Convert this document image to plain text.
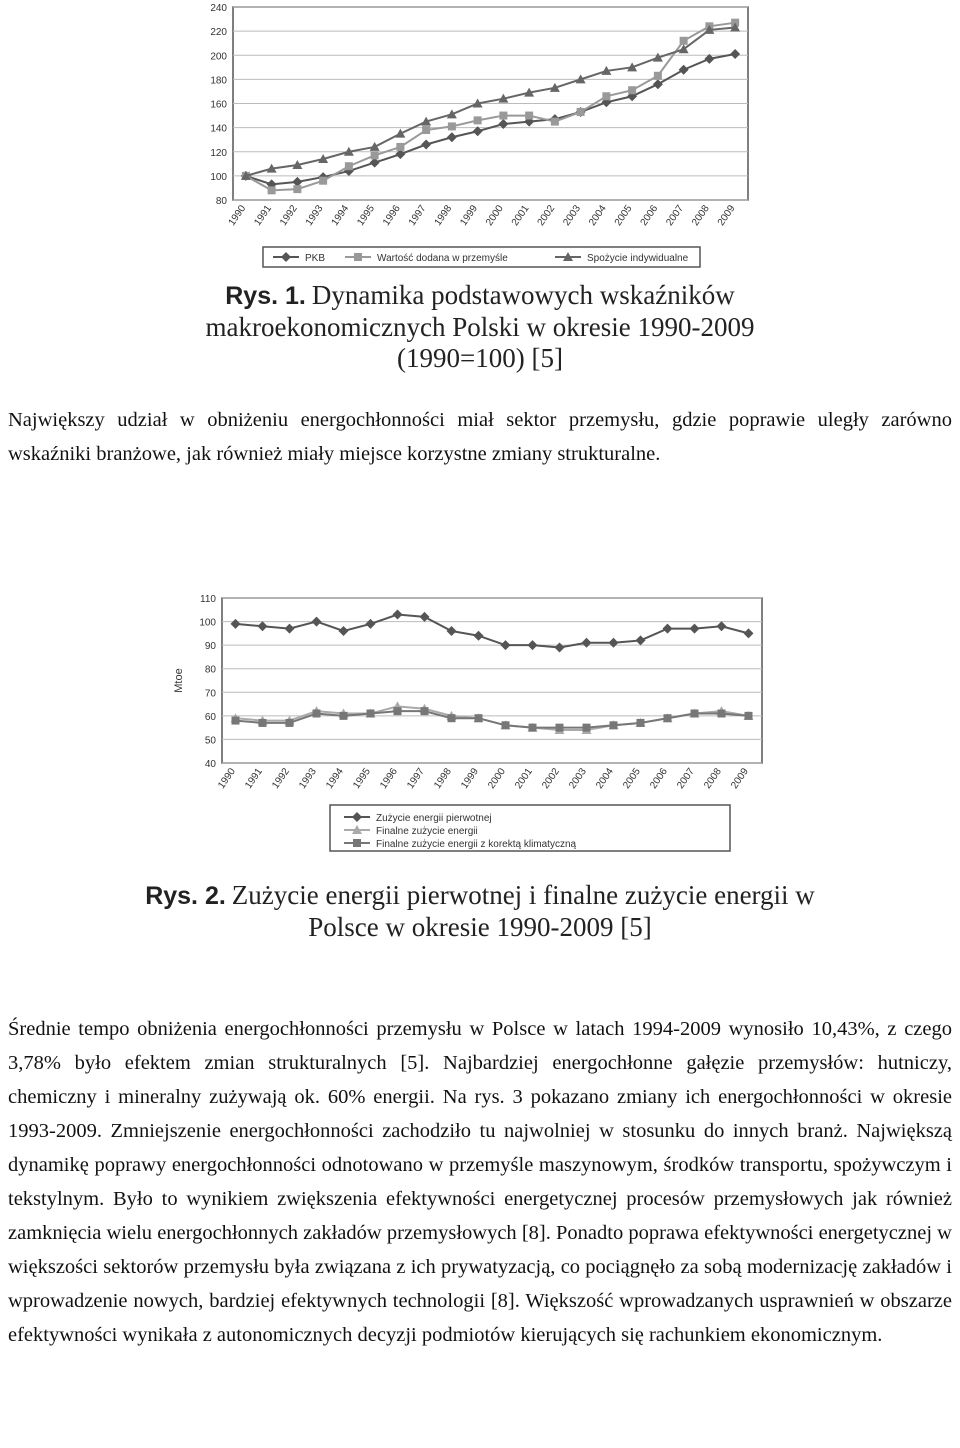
80
100
120
140
160
180
200
220
240
1990 1991 1992 1993 1994 1995 1996 1997 1998 1999 2000 2001 2002 2003 2004 2005 2006 2007 2008 2009
PKB	Wartość dodana w przemyśle	Spożycie indywidualne
Rys. 1. Dynamika podstawowych wskaźników makroekonomicznych Polski w okresie 1990-2009 (1990=100) [5]

Największy udział w obniżeniu energochłonności miał sektor przemysłu, gdzie poprawie uległy zarówno wskaźniki branżowe, jak również miały miejsce korzystne zmiany strukturalne.

40
50
60
70
80
90
100
110
1990 1991 1992 1993 1994 1995 1996 1997 1998 1999 2000 2001 2002 2003 2004 2005 2006 2007 2008 2009
Mtoe
Zużycie energii pierwotnej
Finalne zużycie energii
Finalne zużycie energii z korektą klimatyczną
Rys. 2. Zużycie energii pierwotnej i finalne zużycie energii w Polsce w okresie 1990-2009 [5]

Średnie tempo obniżenia energochłonności przemysłu w Polsce w latach 1994-2009 wynosiło 10,43%, z czego 3,78% było efektem zmian strukturalnych [5]. Najbardziej energochłonne gałęzie przemysłów: hutniczy, chemiczny i mineralny zużywają ok. 60% energii. Na rys. 3 pokazano zmiany ich energochłonności w okresie 1993-2009. Zmniejszenie energochłonności zachodziło tu najwolniej w stosunku do innych branż. Największą dynamikę poprawy energochłonności odnotowano w przemyśle maszynowym, środków transportu, spożywczym i tekstylnym. Było to wynikiem zwiększenia efektywności energetycznej procesów przemysłowych jak również zamknięcia wielu energochłonnych zakładów przemysłowych [8]. Ponadto poprawa efektywności energetycznej w większości sektorów przemysłu była związana z ich prywatyzacją, co pociągnęło za sobą modernizację zakładów i wprowadzenie nowych, bardziej efektywnych technologii [8]. Większość wprowadzanych usprawnień w obszarze efektywności wynikała z autonomicznych decyzji podmiotów kierujących się rachunkiem ekonomicznym.
